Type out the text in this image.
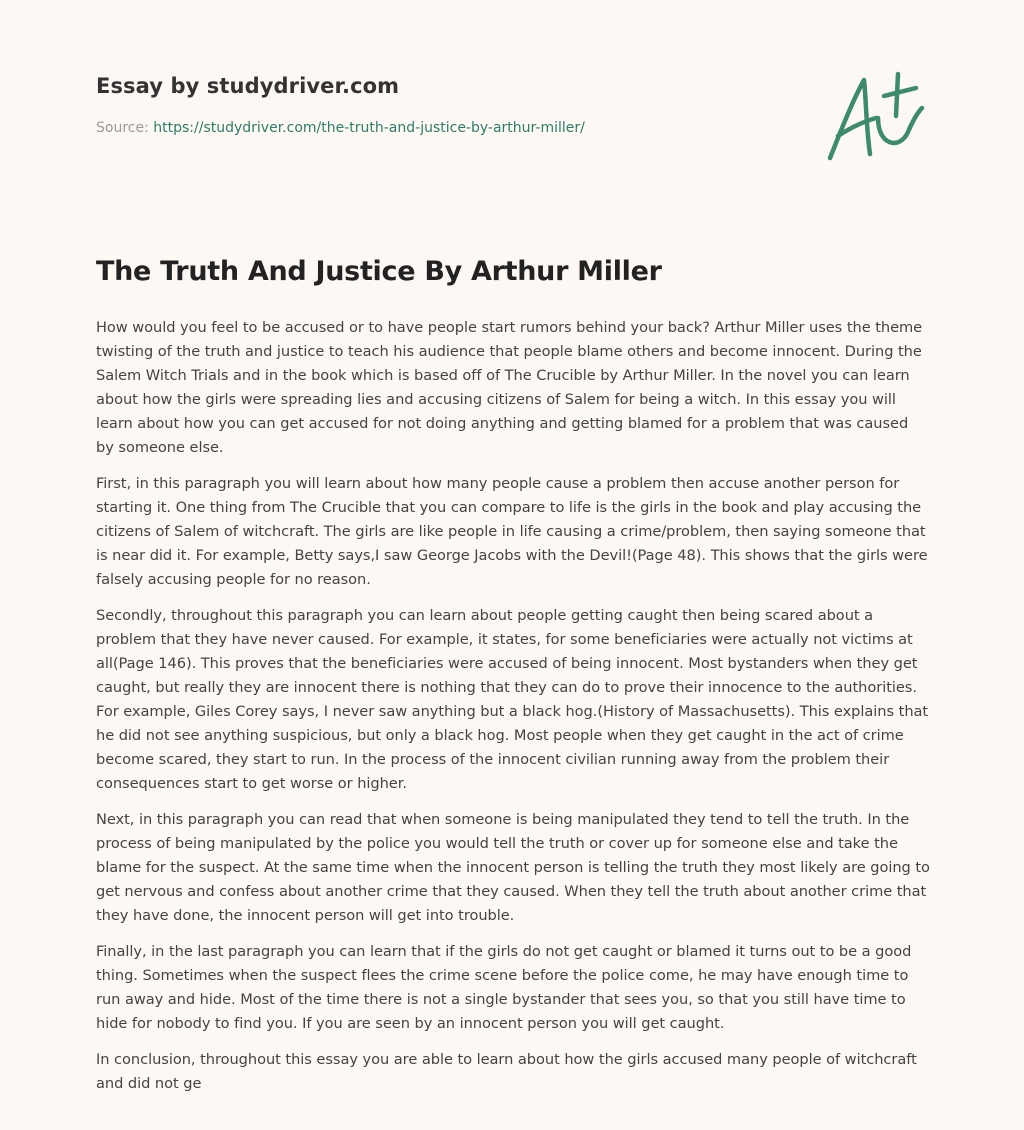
Essay by studydriver.com
Source: https://studydriver.com/the-truth-and-justice-by-arthur-miller/
The Truth And Justice By Arthur Miller

How would you feel to be accused or to have people start rumors behind your back? Arthur Miller uses the theme twisting of the truth and justice to teach his audience that people blame others and become innocent. During the Salem Witch Trials and in the book which is based off of The Crucible by Arthur Miller. In the novel you can learn about how the girls were spreading lies and accusing citizens of Salem for being a witch. In this essay you will learn about how you can get accused for not doing anything and getting blamed for a problem that was caused by someone else.

First, in this paragraph you will learn about how many people cause a problem then accuse another person for starting it. One thing from The Crucible that you can compare to life is the girls in the book and play accusing the citizens of Salem of witchcraft. The girls are like people in life causing a crime/problem, then saying someone that is near did it. For example, Betty says,I saw George Jacobs with the Devil!(Page 48). This shows that the girls were falsely accusing people for no reason.

Secondly, throughout this paragraph you can learn about people getting caught then being scared about a problem that they have never caused. For example, it states, for some beneficiaries were actually not victims at all(Page 146). This proves that the beneficiaries were accused of being innocent. Most bystanders when they get caught, but really they are innocent there is nothing that they can do to prove their innocence to the authorities. For example, Giles Corey says, I never saw anything but a black hog.(History of Massachusetts). This explains that he did not see anything suspicious, but only a black hog. Most people when they get caught in the act of crime become scared, they start to run. In the process of the innocent civilian running away from the problem their consequences start to get worse or higher.

Next, in this paragraph you can read that when someone is being manipulated they tend to tell the truth. In the process of being manipulated by the police you would tell the truth or cover up for someone else and take the blame for the suspect. At the same time when the innocent person is telling the truth they most likely are going to get nervous and confess about another crime that they caused. When they tell the truth about another crime that they have done, the innocent person will get into trouble.

Finally, in the last paragraph you can learn that if the girls do not get caught or blamed it turns out to be a good thing. Sometimes when the suspect flees the crime scene before the police come, he may have enough time to run away and hide. Most of the time there is not a single bystander that sees you, so that you still have time to hide for nobody to find you. If you are seen by an innocent person you will get caught.

In conclusion, throughout this essay you are able to learn about how the girls accused many people of witchcraft and did not ge
